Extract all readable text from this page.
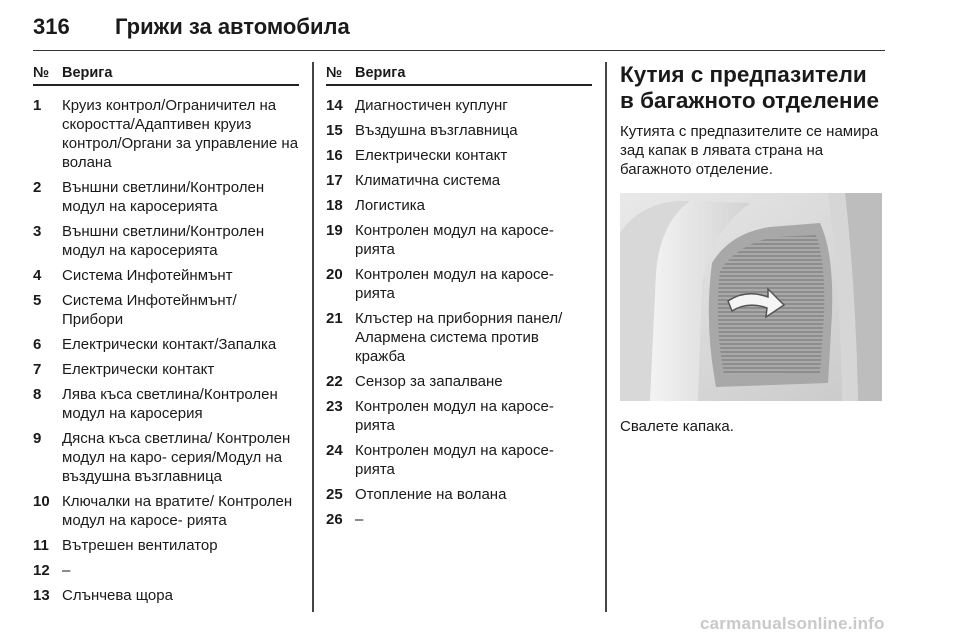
316 Грижи за автомобила
№ Верига
1 Круиз контрол/Ограничител на скоростта/Адаптивен круиз контрол/Органи за управление на волана
2 Външни светлини/Контролен модул на каросерията
3 Външни светлини/Контролен модул на каросерията
4 Система Инфотейнмънт
5 Система Инфотейнмънт/ Прибори
6 Електрически контакт/Запалка
7 Електрически контакт
8 Лява къса светлина/Контролен модул на каросерия
9 Дясна къса светлина/ Контролен модул на каро- серия/Модул на въздушна възглавница
10 Ключалки на вратите/ Контролен модул на каросе- рията
11 Вътрешен вентилатор
12 –
13 Слънчева щора
№ Верига
14 Диагностичен куплунг
15 Въздушна възглавница
16 Електрически контакт
17 Климатична система
18 Логистика
19 Контролен модул на каросе- рията
20 Контролен модул на каросе- рията
21 Клъстер на приборния панел/ Алармена система против кражба
22 Сензор за запалване
23 Контролен модул на каросе- рията
24 Контролен модул на каросе- рията
25 Отопление на волана
26 –
Кутия с предпазители в багажното отделение
Кутията с предпазителите се намира зад капак в лявата страна на багажното отделение.
Свалете капака.
carmanualsonline.info
